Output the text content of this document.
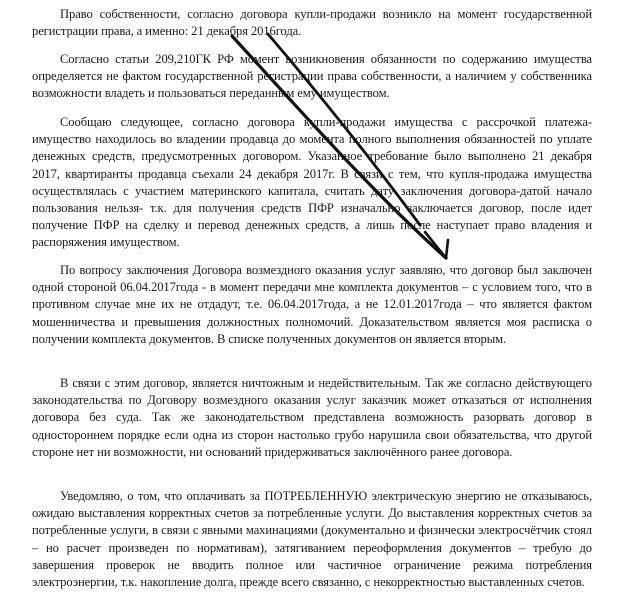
Право собственности, согласно договора купли-продажи возникло на момент государственной регистрации права, а именно: 21 декабря 2016года.

Согласно статьи 209,210ГК РФ момент возникновения обязанности по содержанию имущества определяется не фактом государственной регистрации права собственности, а наличием у собственника возможности владеть и пользоваться переданным ему имуществом.

Сообщаю следующее, согласно договора купли-продажи имущества с рассрочкой платежа-имущество находилось во владении продавца до момента полного выполнения обязанностей по уплате денежных средств, предусмотренных договором. Указанное требование было выполнено 21 декабря 2017, квартиранты продавца съехали 24 декабря 2017г. В связи с тем, что купля-продажа имущества осуществлялась с участием материнского капитала, считать дату заключения договора-датой начало пользования нельзя- т.к. для получения средств ПФР изначально заключается договор, после идет получение ПФР на сделку и перевод денежных средств, а лишь после наступает право владения и распоряжения имуществом.

По вопросу заключения Договора возмездного оказания услуг заявляю, что договор был заключен одной стороной 06.04.2017года - в момент передачи мне комплекта документов – с условием того, что в противном случае мне их не отдадут, т.е. 06.04.2017года, а не 12.01.2017года – что является фактом мошенничества и превышения должностных полномочий. Доказательством является моя расписка о получении комплекта документов. В списке полученных документов он является вторым.

В связи с этим договор, является ничтожным и недействительным. Так же согласно действующего законодательства по Договору возмездного оказания услуг заказчик может отказаться от исполнения договора без суда. Так же законодательством представлена возможность разорвать договор в одностороннем порядке если одна из сторон настолько грубо нарушила свои обязательства, что другой стороне нет ни возможности, ни оснований придерживаться заключённого ранее договора.

Уведомляю, о том, что оплачивать за ПОТРЕБЛЕННУЮ электрическую энергию не отказываюсь, ожидаю выставления корректных счетов за потребленные услуги. До выставления корректных счетов за потребленные услуги, в связи с явными махинациями (документально и физически электросчётчик стоял – но расчет произведен по нормативам), затягиванием переоформления документов – требую до завершения проверок не вводить полное или частичное ограничение режима потребления электроэнергии, т.к. накопление долга, прежде всего связанно, с некорректностью выставленных счетов.
